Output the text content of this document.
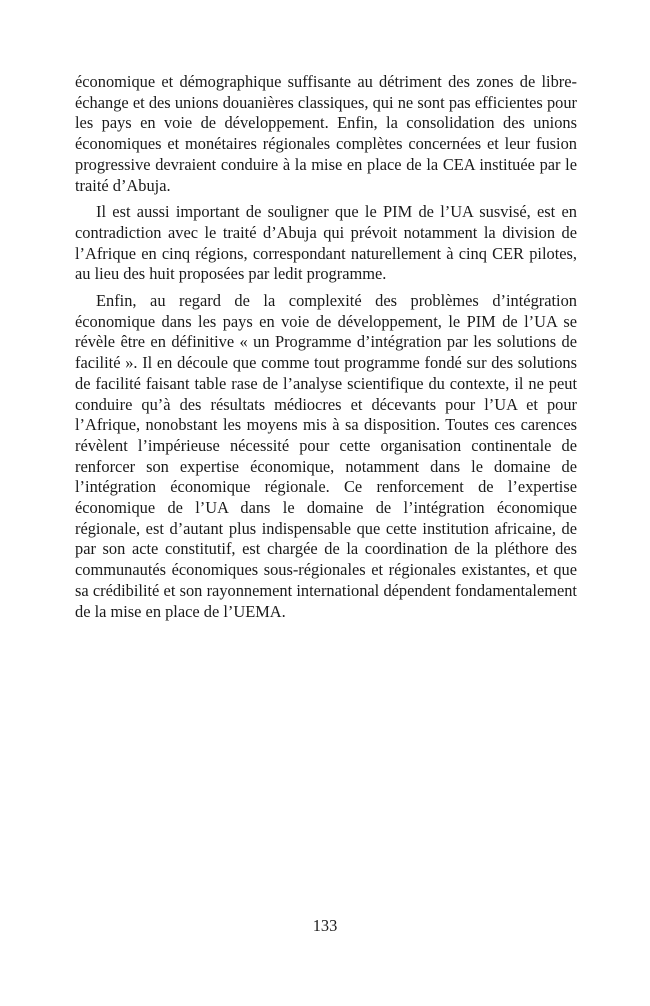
économique et démographique suffisante au détriment des zones de libre-échange et des unions douanières classiques, qui ne sont pas efficientes pour les pays en voie de développement. Enfin, la consolidation des unions économiques et monétaires régionales complètes concernées et leur fusion progressive devraient conduire à la mise en place de la CEA instituée par le traité d’Abuja.

Il est aussi important de souligner que le PIM de l’UA susvisé, est en contradiction avec le traité d’Abuja qui prévoit notamment la division de l’Afrique en cinq régions, correspondant naturellement à cinq CER pilotes, au lieu des huit proposées par ledit programme.

Enfin, au regard de la complexité des problèmes d’intégration économique dans les pays en voie de développement, le PIM de l’UA se révèle être en définitive « un Programme d’intégration par les solutions de facilité ». Il en découle que comme tout programme fondé sur des solutions de facilité faisant table rase de l’analyse scientifique du contexte, il ne peut conduire qu’à des résultats médiocres et décevants pour l’UA et pour l’Afrique, nonobstant les moyens mis à sa disposition. Toutes ces carences révèlent l’impérieuse nécessité pour cette organisation continentale de renforcer son expertise économique, notamment dans le domaine de l’intégration économique régionale. Ce renforcement de l’expertise économique de l’UA dans le domaine de l’intégration économique régionale, est d’autant plus indispensable que cette institution africaine, de par son acte constitutif, est chargée de la coordination de la pléthore des communautés économiques sous-régionales et régionales existantes, et que sa crédibilité et son rayonnement international dépendent fondamentalement de la mise en place de l’UEMA.

133
